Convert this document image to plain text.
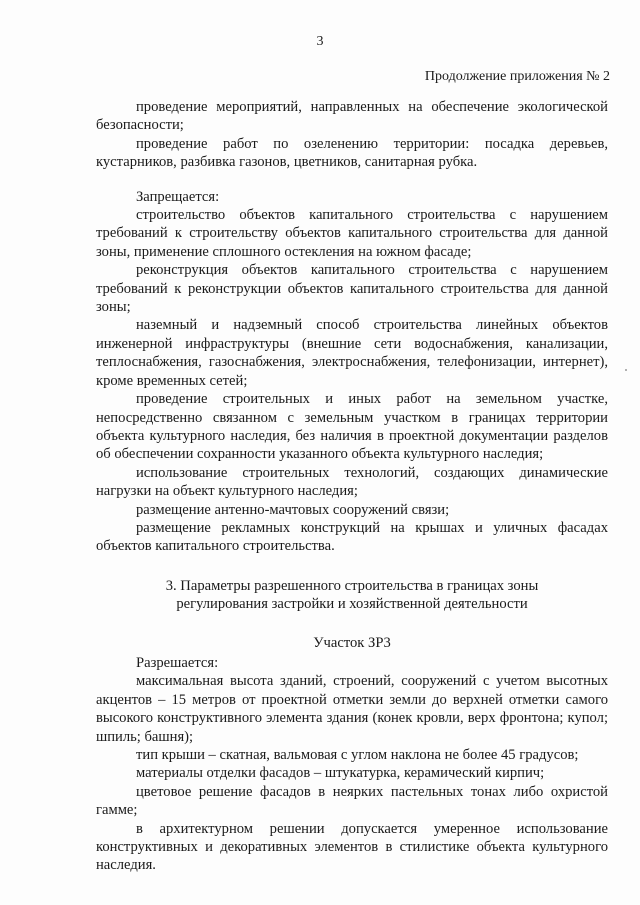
3
Продолжение приложения № 2

проведение мероприятий, направленных на обеспечение экологической безопасности;

проведение работ по озеленению территории: посадка деревьев, кустарников, разбивка газонов, цветников, санитарная рубка.

Запрещается:

строительство объектов капитального строительства с нарушением требований к строительству объектов капитального строительства для данной зоны, применение сплошного остекления на южном фасаде;

реконструкция объектов капитального строительства с нарушением требований к реконструкции объектов капитального строительства для данной зоны;

наземный и надземный способ строительства линейных объектов инженерной инфраструктуры (внешние сети водоснабжения, канализации, теплоснабжения, газоснабжения, электроснабжения, телефонизации, интернет), кроме временных сетей;

проведение строительных и иных работ на земельном участке, непосредственно связанном с земельным участком в границах территории объекта культурного наследия, без наличия в проектной документации разделов об обеспечении сохранности указанного объекта культурного наследия;

использование строительных технологий, создающих динамические нагрузки на объект культурного наследия;

размещение антенно-мачтовых сооружений связи;

размещение рекламных конструкций на крышах и уличных фасадах объектов капитального строительства.

3. Параметры разрешенного строительства в границах зоны

регулирования застройки и хозяйственной деятельности

Участок ЗР3

Разрешается:

максимальная высота зданий, строений, сооружений с учетом высотных акцентов – 15 метров от проектной отметки земли до верхней отметки самого высокого конструктивного элемента здания (конек кровли, верх фронтона; купол; шпиль; башня);

тип крыши – скатная, вальмовая с углом наклона не более 45 градусов;

материалы отделки фасадов – штукатурка, керамический кирпич;

цветовое решение фасадов в неярких пастельных тонах либо охристой гамме;

в архитектурном решении допускается умеренное использование конструктивных и декоративных элементов в стилистике объекта культурного наследия.
